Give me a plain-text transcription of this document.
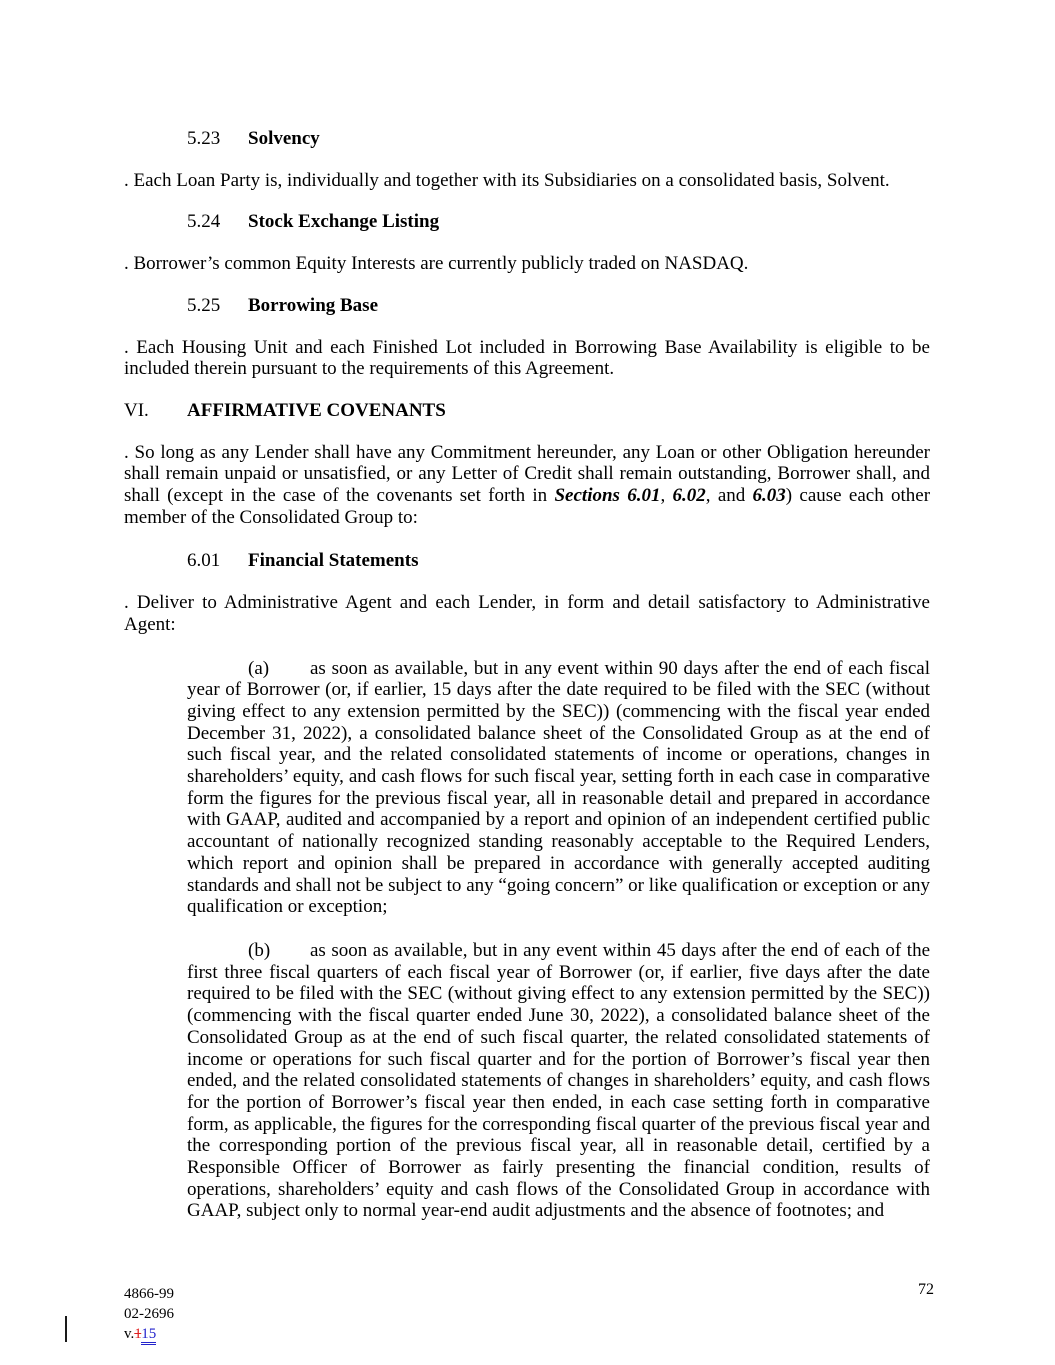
5.23 Solvency

. Each Loan Party is, individually and together with its Subsidiaries on a consolidated basis, Solvent.

5.24 Stock Exchange Listing

. Borrower’s common Equity Interests are currently publicly traded on NASDAQ.

5.25 Borrowing Base

. Each Housing Unit and each Finished Lot included in Borrowing Base Availability is eligible to be included therein pursuant to the requirements of this Agreement.

VI. AFFIRMATIVE COVENANTS

. So long as any Lender shall have any Commitment hereunder, any Loan or other Obligation hereunder shall remain unpaid or unsatisfied, or any Letter of Credit shall remain outstanding, Borrower shall, and shall (except in the case of the covenants set forth in Sections 6.01, 6.02, and 6.03) cause each other member of the Consolidated Group to:

6.01 Financial Statements

. Deliver to Administrative Agent and each Lender, in form and detail satisfactory to Administrative Agent:

(a) as soon as available, but in any event within 90 days after the end of each fiscal year of Borrower (or, if earlier, 15 days after the date required to be filed with the SEC (without giving effect to any extension permitted by the SEC)) (commencing with the fiscal year ended December 31, 2022), a consolidated balance sheet of the Consolidated Group as at the end of such fiscal year, and the related consolidated statements of income or operations, changes in shareholders’ equity, and cash flows for such fiscal year, setting forth in each case in comparative form the figures for the previous fiscal year, all in reasonable detail and prepared in accordance with GAAP, audited and accompanied by a report and opinion of an independent certified public accountant of nationally recognized standing reasonably acceptable to the Required Lenders, which report and opinion shall be prepared in accordance with generally accepted auditing standards and shall not be subject to any “going concern” or like qualification or exception or any qualification or exception;

(b) as soon as available, but in any event within 45 days after the end of each of the first three fiscal quarters of each fiscal year of Borrower (or, if earlier, five days after the date required to be filed with the SEC (without giving effect to any extension permitted by the SEC)) (commencing with the fiscal quarter ended June 30, 2022), a consolidated balance sheet of the Consolidated Group as at the end of such fiscal quarter, the related consolidated statements of income or operations for such fiscal quarter and for the portion of Borrower’s fiscal year then ended, and the related consolidated statements of changes in shareholders’ equity, and cash flows for the portion of Borrower’s fiscal year then ended, in each case setting forth in comparative form, as applicable, the figures for the corresponding fiscal quarter of the previous fiscal year and the corresponding portion of the previous fiscal year, all in reasonable detail, certified by a Responsible Officer of Borrower as fairly presenting the financial condition, results of operations, shareholders’ equity and cash flows of the Consolidated Group in accordance with GAAP, subject only to normal year-end audit adjustments and the absence of footnotes; and

4866-99
02-2696
v.115
72
